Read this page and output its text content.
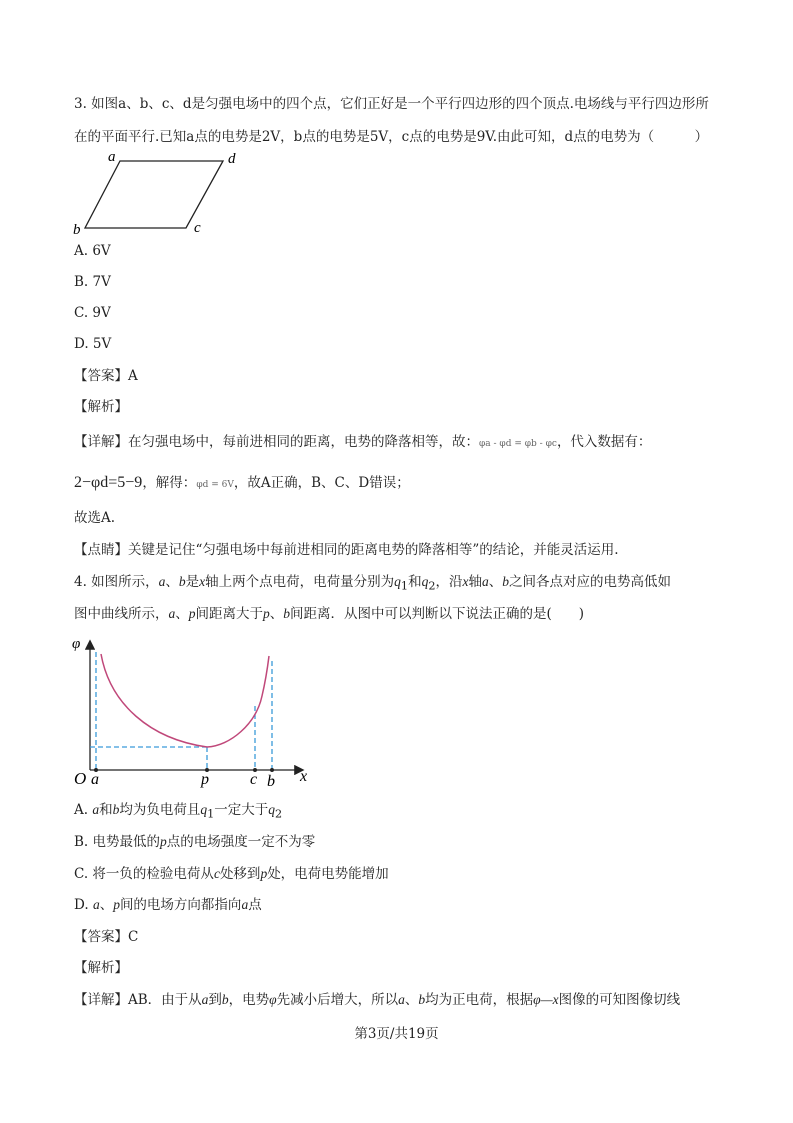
3. 如图a、b、c、d是匀强电场中的四个点，它们正好是一个平行四边形的四个顶点.电场线与平行四边形所
在的平面平行.已知a点的电势是2V，b点的电势是5V，c点的电势是9V.由此可知，d点的电势为（　　　）
a	d
b	c
A. 6V
B. 7V
C. 9V
D. 5V
【答案】A
【解析】
【详解】在匀强电场中，每前进相同的距离，电势的降落相等，故：φa - φd = φb - φc，代入数据有：
2−φd=5−9，解得：φd = 6V，故A正确，B、C、D错误；
故选A.
【点睛】关键是记住“匀强电场中每前进相同的距离电势的降落相等”的结论，并能灵活运用.
4. 如图所示，a、b是x轴上两个点电荷，电荷量分别为$q_1$和$q_2$，沿x轴a、b之间各点对应的电势高低如
图中曲线所示，a、p间距离大于p、b间距离．从图中可以判断以下说法正确的是(　　)
φ
O a	p	c b x
A. a和b均为负电荷且$q_1$一定大于$q_2$
B. 电势最低的p点的电场强度一定不为零
C. 将一负的检验电荷从c处移到p处，电荷电势能增加
D. a、p间的电场方向都指向a点
【答案】C
【解析】
【详解】AB．由于从a到b，电势φ先减小后增大，所以a、b均为正电荷，根据φ—x图像的可知图像切线
第3页/共19页
